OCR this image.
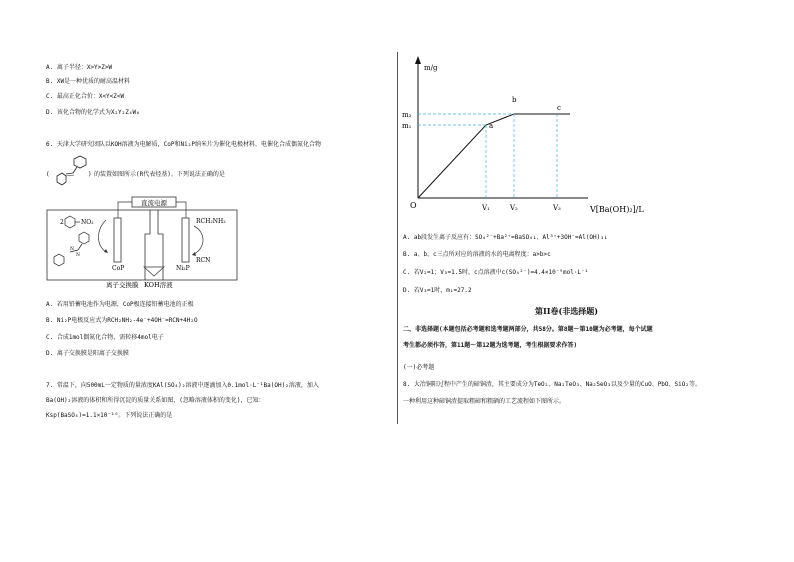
A. 离子半径：X>Y>Z>W
B. XW是一种优质的耐高温材料
C. 最高正化合价：X<Y<Z<W
D. 该化合物的化学式为X₂Y₂Z₄W₆
6. 天津大学研究团队以KOH溶液为电解质，CoP和Ni₂P纳米片为催化电极材料，电催化合成偶氮化合物
(	) 的装置如图所示(R代表烃基)。下列说法正确的是
直流电源
CoP	Ni₂P
离子交换膜 KOH溶液
2	NO₂
N
N
RCH₂NH₂
RCN
A. 若用铅蓄电池作为电源，CoP极连接铅蓄电池的正极
B. Ni₂P电极反应式为RCH₂NH₂-4e⁻+4OH⁻=RCN+4H₂O
C. 合成1mol偶氮化合物，需转移4mol电子
D. 离子交换膜是阳离子交换膜
7. 常温下，向500mL一定物质的量浓度KAl(SO₄)₂溶液中逐滴加入0.1mol·L⁻¹Ba(OH)₂溶液，加入
Ba(OH)₂溶液的体积和所得沉淀的质量关系如图，(忽略溶液体积的变化)，已知：
Ksp(BaSO₄)=1.1×10⁻¹⁰。下列说法正确的是
m/g
V[Ba(OH)₂]/L
O
m₂
m₁
V₁	V₂	V₃
a
b
c
A. ab段发生离子反应有：SO₄²⁻+Ba²⁺=BaSO₄↓、Al³⁺+3OH⁻=Al(OH)₃↓
B. a、b、c三点所对应的溶液的水的电离程度：a>b>c
C. 若V₂=1；V₃=1.5时，c点溶液中c(SO₄²⁻)=4.4×10⁻⁹mol·L⁻¹
D. 若V₃=1时，m₁=27.2
第II卷(非选择题)
二、非选择题(本题包括必考题和选考题两部分，共58分。第8题～第10题为必考题，每个试题
考生都必须作答，第11题～第12题为选考题，考生根据要求作答)
(一)必考题
8. 大冶铜阳过程中产生的碲铜渣，其主要成分为TeO₂、Na₂TeO₃、Na₂SeO₃以及少量的CuO、PbO、SiO₂等。
一种利用这种碲铜渣提取粗碲和粗硒的工艺流程如下图所示。
